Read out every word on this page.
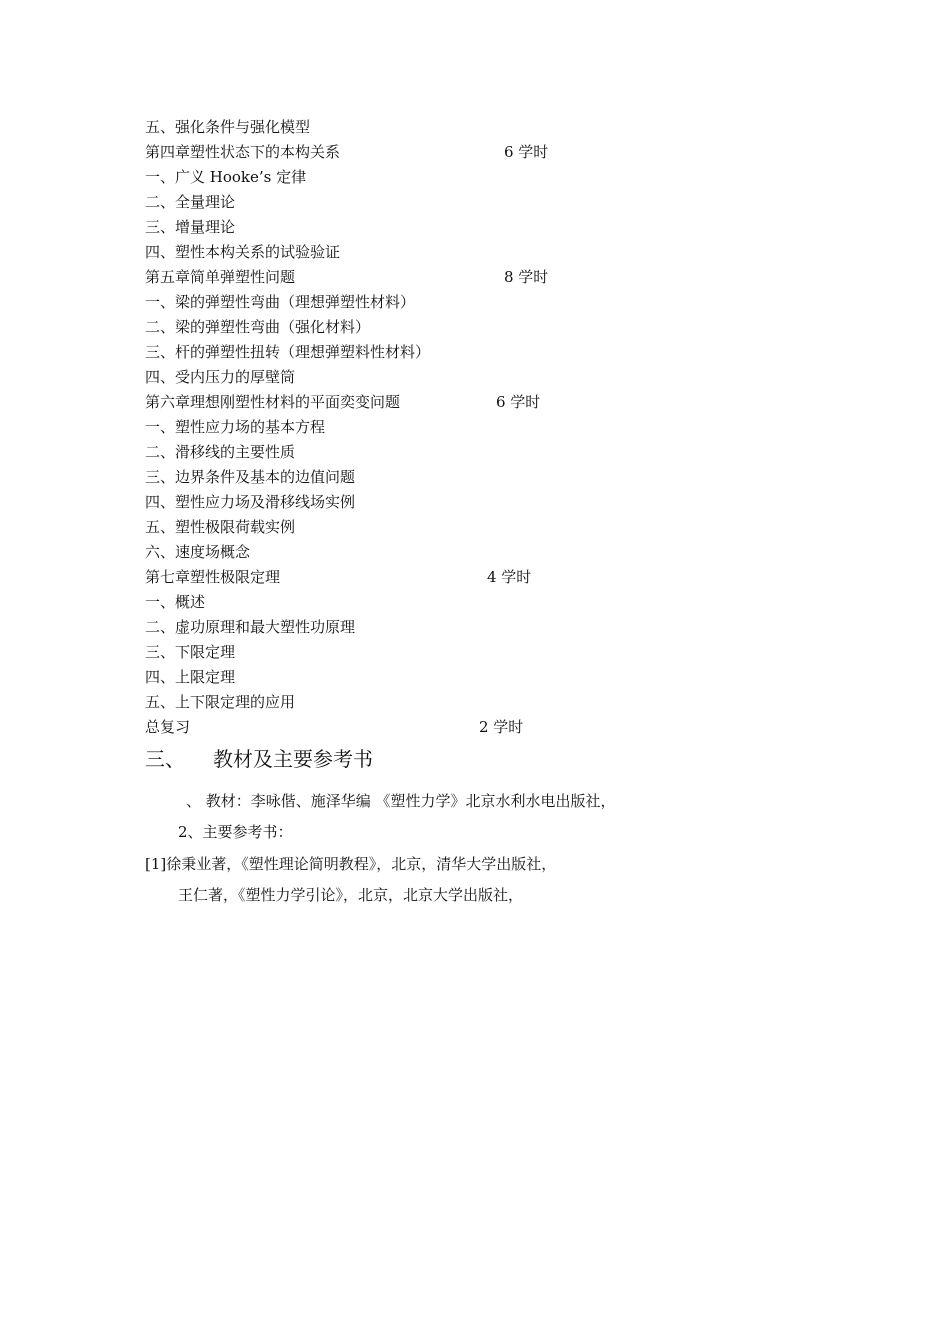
五、强化条件与强化模型
第四章塑性状态下的本构关系	6 学时
一、广义 Hooke’s 定律
二、全量理论
三、增量理论
四、塑性本构关系的试验验证
第五章简单弹塑性问题	8 学时
一、梁的弹塑性弯曲（理想弹塑性材料）
二、梁的弹塑性弯曲（强化材料）
三、杆的弹塑性扭转（理想弹塑料性材料）
四、受内压力的厚壁筒
第六章理想刚塑性材料的平面奕变问题	6 学时
一、塑性应力场的基本方程
二、滑移线的主要性质
三、边界条件及基本的边值问题
四、塑性应力场及滑移线场实例
五、塑性极限荷载实例
六、速度场概念
第七章塑性极限定理	4 学时
一、概述
二、虚功原理和最大塑性功原理
三、下限定理
四、上限定理
五、上下限定理的应用
总复习	2 学时
三、 教材及主要参考书
、 教材：李咏偕、施泽华编 《塑性力学》北京水利水电出版社，
2、主要参考书：
[1]徐秉业著，《塑性理论简明教程》，北京，清华大学出版社，
王仁著，《塑性力学引论》，北京，北京大学出版社，
